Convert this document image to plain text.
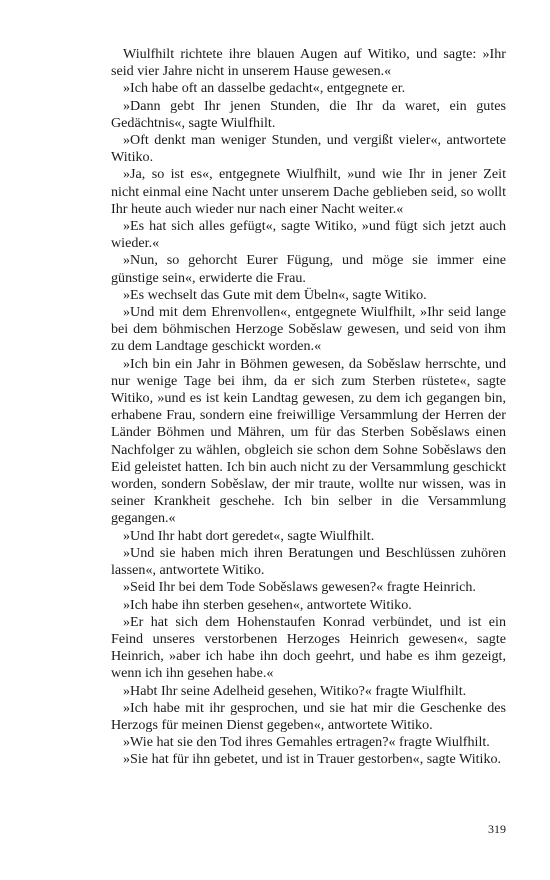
Wiulfhilt richtete ihre blauen Augen auf Witiko, und sagte: »Ihr seid vier Jahre nicht in unserem Hause gewesen.«

»Ich habe oft an dasselbe gedacht«, entgegnete er.

»Dann gebt Ihr jenen Stunden, die Ihr da waret, ein gutes Gedächtnis«, sagte Wiulfhilt.

»Oft denkt man weniger Stunden, und vergißt vieler«, antwortete Witiko.

»Ja, so ist es«, entgegnete Wiulfhilt, »und wie Ihr in jener Zeit nicht einmal eine Nacht unter unserem Dache geblieben seid, so wollt Ihr heute auch wieder nur nach einer Nacht weiter.«

»Es hat sich alles gefügt«, sagte Witiko, »und fügt sich jetzt auch wieder.«

»Nun, so gehorcht Eurer Fügung, und möge sie immer eine günstige sein«, erwiderte die Frau.

»Es wechselt das Gute mit dem Übeln«, sagte Witiko.

»Und mit dem Ehrenvollen«, entgegnete Wiulfhilt, »Ihr seid lange bei dem böhmischen Herzoge Soběslaw gewesen, und seid von ihm zu dem Landtage geschickt worden.«

»Ich bin ein Jahr in Böhmen gewesen, da Soběslaw herrschte, und nur wenige Tage bei ihm, da er sich zum Sterben rüstete«, sagte Witiko, »und es ist kein Landtag gewesen, zu dem ich gegangen bin, erhabene Frau, sondern eine freiwillige Versammlung der Herren der Länder Böhmen und Mähren, um für das Sterben Soběslaws einen Nachfolger zu wählen, obgleich sie schon dem Sohne Soběslaws den Eid geleistet hatten. Ich bin auch nicht zu der Versammlung geschickt worden, sondern Soběslaw, der mir traute, wollte nur wissen, was in seiner Krankheit geschehe. Ich bin selber in die Versammlung gegangen.«

»Und Ihr habt dort geredet«, sagte Wiulfhilt.

»Und sie haben mich ihren Beratungen und Beschlüssen zuhören lassen«, antwortete Witiko.

»Seid Ihr bei dem Tode Soběslaws gewesen?« fragte Heinrich.

»Ich habe ihn sterben gesehen«, antwortete Witiko.

»Er hat sich dem Hohenstaufen Konrad verbündet, und ist ein Feind unseres verstorbenen Herzoges Heinrich gewesen«, sagte Heinrich, »aber ich habe ihn doch geehrt, und habe es ihm gezeigt, wenn ich ihn gesehen habe.«

»Habt Ihr seine Adelheid gesehen, Witiko?« fragte Wiulfhilt.

»Ich habe mit ihr gesprochen, und sie hat mir die Geschenke des Herzogs für meinen Dienst gegeben«, antwortete Witiko.

»Wie hat sie den Tod ihres Gemahles ertragen?« fragte Wiulfhilt.

»Sie hat für ihn gebetet, und ist in Trauer gestorben«, sagte Witiko.

319
